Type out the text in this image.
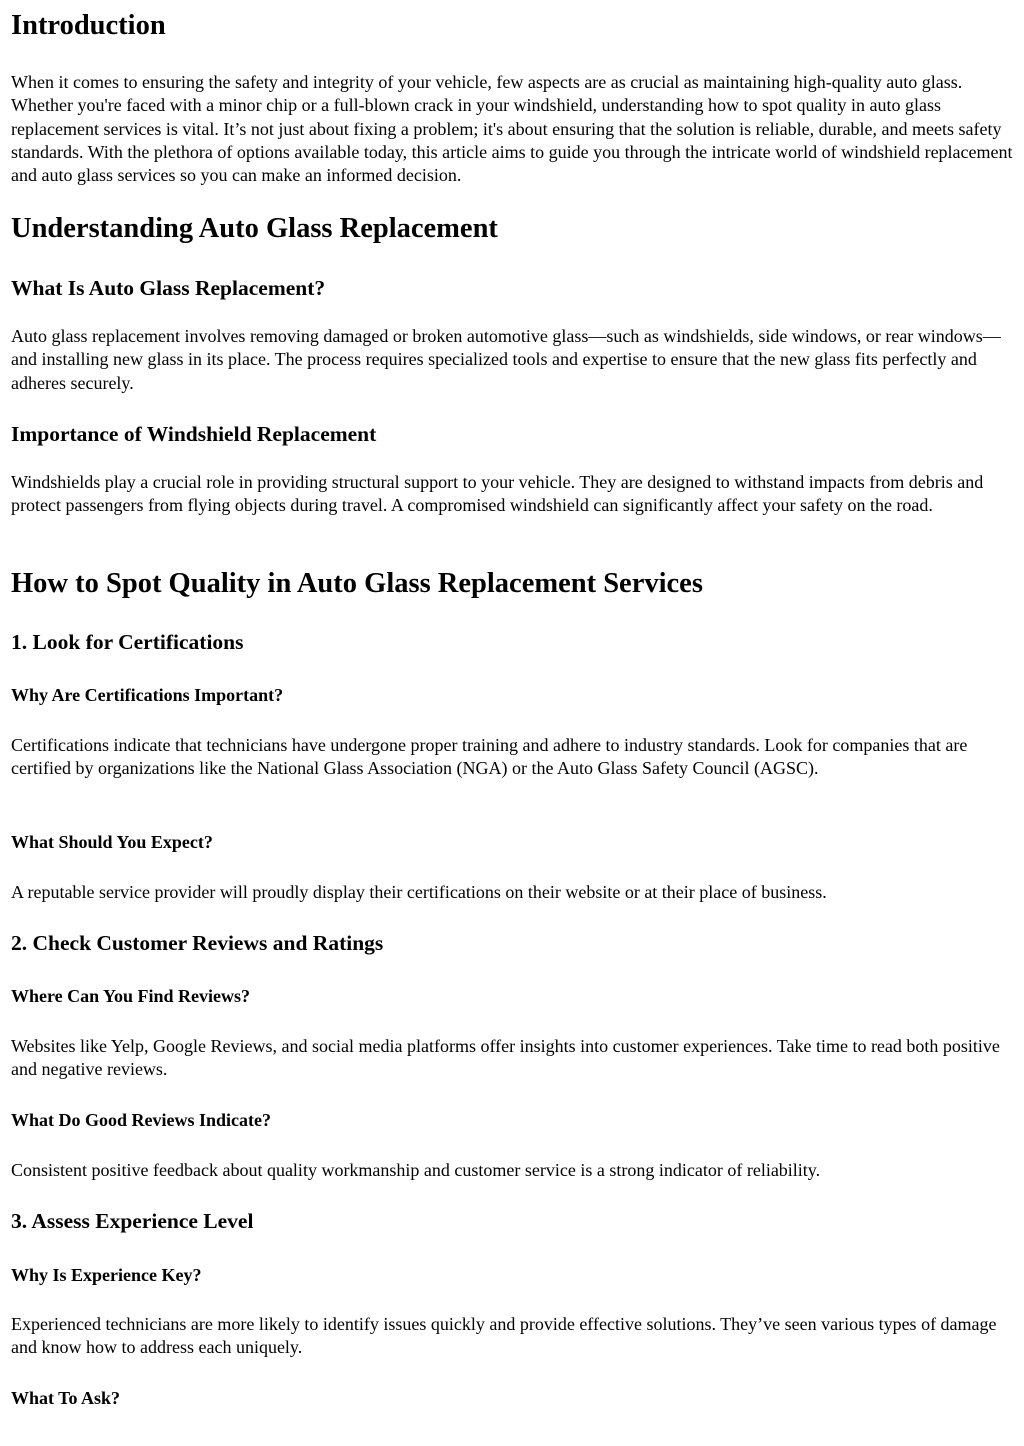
Introduction

When it comes to ensuring the safety and integrity of your vehicle, few aspects are as crucial as maintaining high-quality auto glass. Whether you're faced with a minor chip or a full-blown crack in your windshield, understanding how to spot quality in auto glass replacement services is vital. It’s not just about fixing a problem; it's about ensuring that the solution is reliable, durable, and meets safety standards. With the plethora of options available today, this article aims to guide you through the intricate world of windshield replacement and auto glass services so you can make an informed decision.

Understanding Auto Glass Replacement
What Is Auto Glass Replacement?

Auto glass replacement involves removing damaged or broken automotive glass—such as windshields, side windows, or rear windows—and installing new glass in its place. The process requires specialized tools and expertise to ensure that the new glass fits perfectly and adheres securely.

Importance of Windshield Replacement

Windshields play a crucial role in providing structural support to your vehicle. They are designed to withstand impacts from debris and protect passengers from flying objects during travel. A compromised windshield can significantly affect your safety on the road.

How to Spot Quality in Auto Glass Replacement Services
1. Look for Certifications
Why Are Certifications Important?

Certifications indicate that technicians have undergone proper training and adhere to industry standards. Look for companies that are certified by organizations like the National Glass Association (NGA) or the Auto Glass Safety Council (AGSC).

What Should You Expect?

A reputable service provider will proudly display their certifications on their website or at their place of business.

2. Check Customer Reviews and Ratings
Where Can You Find Reviews?

Websites like Yelp, Google Reviews, and social media platforms offer insights into customer experiences. Take time to read both positive and negative reviews.

What Do Good Reviews Indicate?

Consistent positive feedback about quality workmanship and customer service is a strong indicator of reliability.

3. Assess Experience Level
Why Is Experience Key?

Experienced technicians are more likely to identify issues quickly and provide effective solutions. They’ve seen various types of damage and know how to address each uniquely.

What To Ask?
